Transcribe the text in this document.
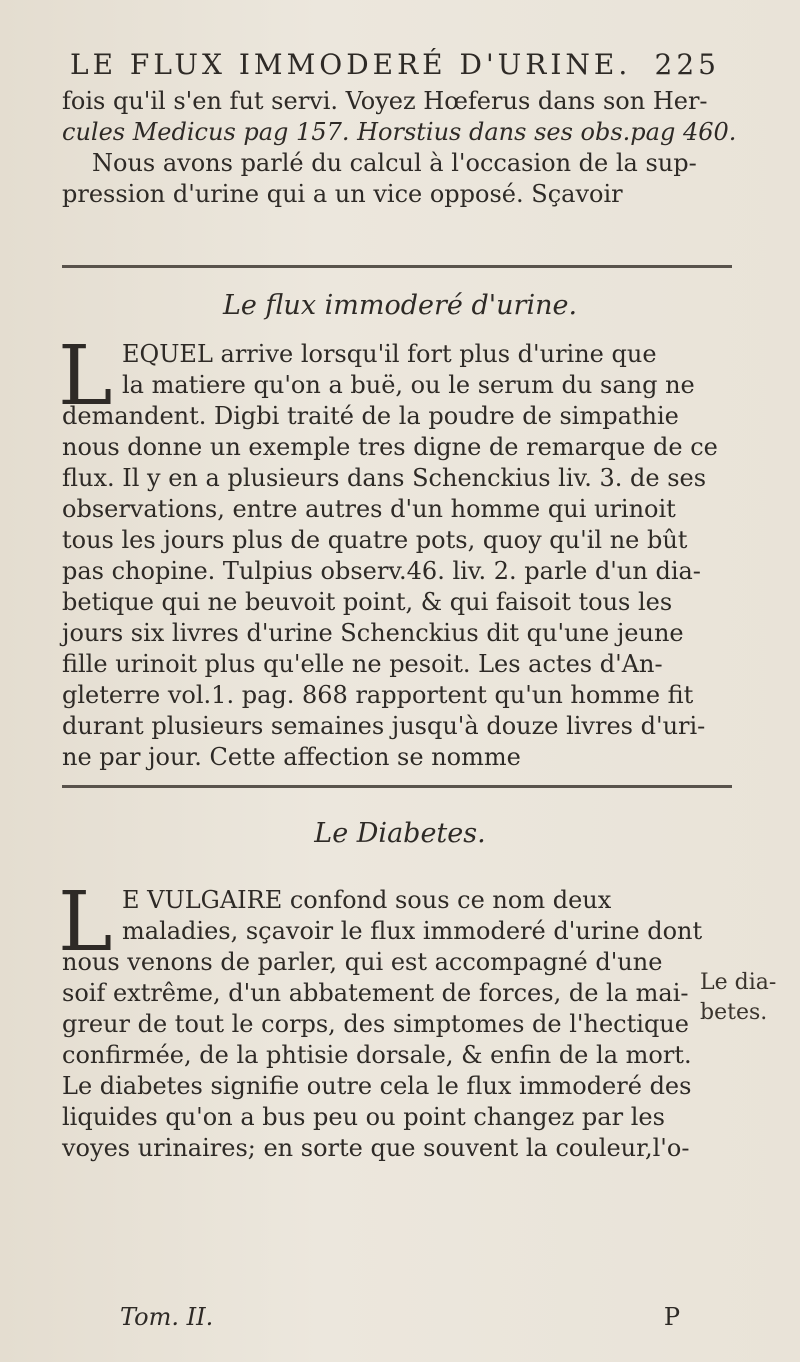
LE FLUX IMMODERÉ D'URINE. 225
fois qu'il s'en fut servi. Voyez Hœferus dans son Her-
cules Medicus pag 157. Horstius dans ses obs.pag 460.
Nous avons parlé du calcul à l'occasion de la sup-
pression d'urine qui a un vice opposé. Sçavoir
Le flux immoderé d'urine.
L EQUEL arrive lorsqu'il fort plus d'urine que
la matiere qu'on a buë, ou le serum du sang ne
demandent. Digbi traité de la poudre de simpathie
nous donne un exemple tres digne de remarque de ce
flux. Il y en a plusieurs dans Schenckius liv. 3. de ses
observations, entre autres d'un homme qui urinoit
tous les jours plus de quatre pots, quoy qu'il ne bût
pas chopine. Tulpius observ.46. liv. 2. parle d'un dia-
betique qui ne beuvoit point, & qui faisoit tous les
jours six livres d'urine Schenckius dit qu'une jeune
fille urinoit plus qu'elle ne pesoit. Les actes d'An-
gleterre vol.1. pag. 868 rapportent qu'un homme fit
durant plusieurs semaines jusqu'à douze livres d'uri-
ne par jour. Cette affection se nomme
Le Diabetes.
L E VULGAIRE confond sous ce nom deux
maladies, sçavoir le flux immoderé d'urine dont
nous venons de parler, qui est accompagné d'une
soif extrême, d'un abbatement de forces, de la mai-
greur de tout le corps, des simptomes de l'hectique
confirmée, de la phtisie dorsale, & enfin de la mort.
Le diabetes signifie outre cela le flux immoderé des
liquides qu'on a bus peu ou point changez par les
voyes urinaires; en sorte que souvent la couleur,l'o-
Le dia-
betes.
Tom. II.	P
